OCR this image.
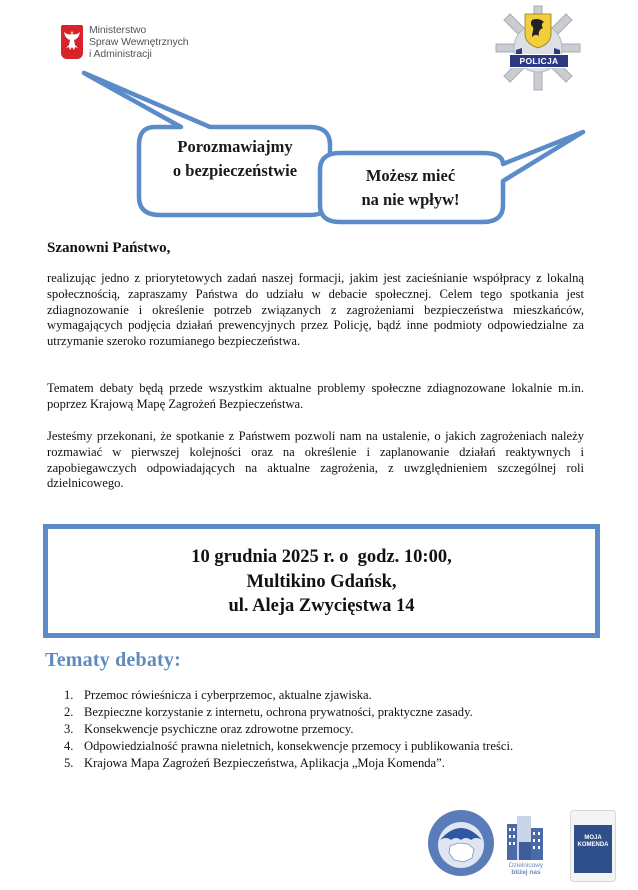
Ministerstwo
Spraw Wewnętrznych
i Administracji
POLICJA
Porozmawiajmy
o bezpieczeństwie	Możesz mieć
na nie wpływ!
Szanowni Państwo,

realizując jedno z priorytetowych zadań naszej formacji, jakim jest zacieśnianie współpracy z lokalną społecznością, zapraszamy Państwa do udziału w debacie społecznej. Celem tego spotkania jest zdiagnozowanie i określenie potrzeb związanych z zagrożeniami bezpieczeństwa mieszkańców, wymagających podjęcia działań prewencyjnych przez Policję, bądź inne podmioty odpowiedzialne za utrzymanie szeroko rozumianego bezpieczeństwa.

Tematem debaty będą przede wszystkim aktualne problemy społeczne zdiagnozowane lokalnie m.in. poprzez Krajową Mapę Zagrożeń Bezpieczeństwa.

Jesteśmy przekonani, że spotkanie z Państwem pozwoli nam na ustalenie, o jakich zagrożeniach należy rozmawiać w pierwszej kolejności oraz na określenie i zaplanowanie działań reaktywnych i zapobiegawczych odpowiadających na aktualne zagrożenia, z uwzględnieniem szczególnej roli dzielnicowego.

10 grudnia 2025 r. o  godz. 10:00,
Multikino Gdańsk,
ul. Aleja Zwycięstwa 14
Tematy debaty:
1. Przemoc rówieśnicza i cyberprzemoc, aktualne zjawiska.
2. Bezpieczne korzystanie z internetu, ochrona prywatności, praktyczne zasady.
3. Konsekwencje psychiczne oraz zdrowotne przemocy.
4. Odpowiedzialność prawna nieletnich, konsekwencje przemocy i publikowania treści.
5. Krajowa Mapa Zagrożeń Bezpieczeństwa, Aplikacja „Moja Komenda”.
Dzielnicowy
bliżej nas
MOJA
KOMENDA
